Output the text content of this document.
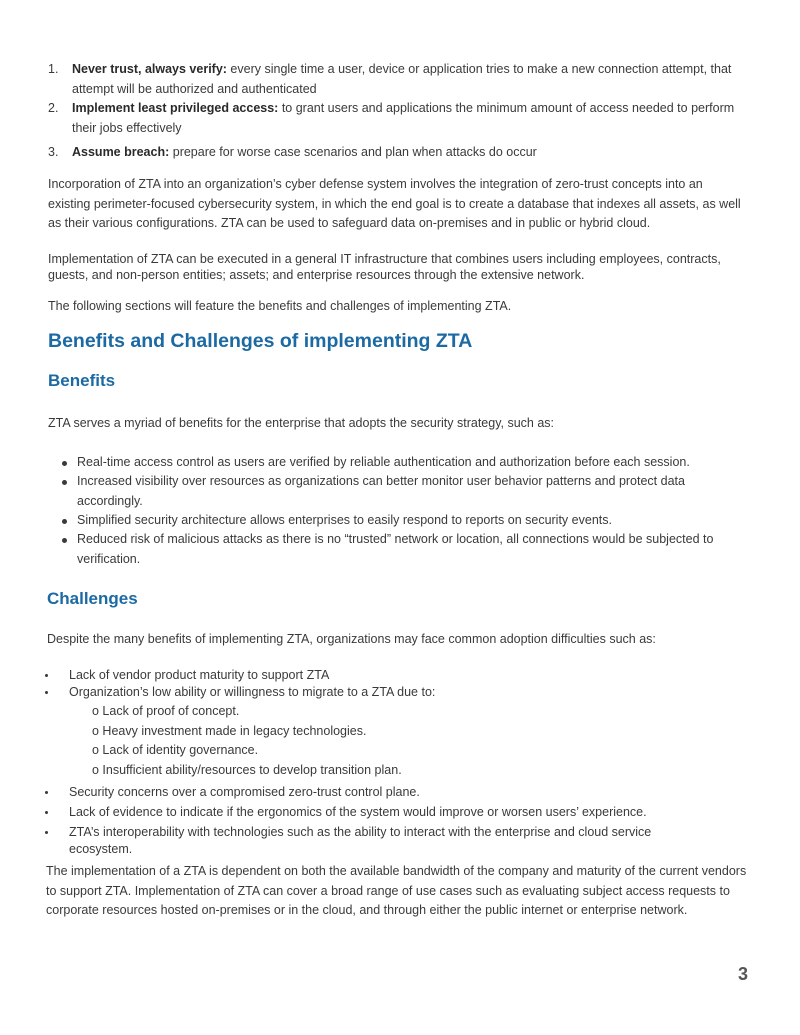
1.	Never trust, always verify: every single time a user, device or application tries to make a new connection attempt, that attempt will be authorized and authenticated
2.	Implement least privileged access: to grant users and applications the minimum amount of access needed to perform their jobs effectively
3.	Assume breach: prepare for worse case scenarios and plan when attacks do occur

Incorporation of ZTA into an organization’s cyber defense system involves the integration of zero-trust concepts into an existing perimeter-focused cybersecurity system, in which the end goal is to create a database that indexes all assets, as well as their various configurations. ZTA can be used to safeguard data on-premises and in public or hybrid cloud.

Implementation of ZTA can be executed in a general IT infrastructure that combines users including employees, contracts, guests, and non-person entities; assets; and enterprise resources through the extensive network.

The following sections will feature the benefits and challenges of implementing ZTA.

Benefits and Challenges of implementing ZTA
Benefits

ZTA serves a myriad of benefits for the enterprise that adopts the security strategy, such as:

Real-time access control as users are verified by reliable authentication and authorization before each session.
Increased visibility over resources as organizations can better monitor user behavior patterns and protect data accordingly.
Simplified security architecture allows enterprises to easily respond to reports on security events.
Reduced risk of malicious attacks as there is no “trusted” network or location, all connections would be subjected to verification.
Challenges

Despite the many benefits of implementing ZTA, organizations may face common adoption difficulties such as:

Lack of vendor product maturity to support ZTA
Organization’s low ability or willingness to migrate to a ZTA due to:
o Lack of proof of concept.
o Heavy investment made in legacy technologies.
o Lack of identity governance.
o Insufficient ability/resources to develop transition plan.
Security concerns over a compromised zero-trust control plane.
Lack of evidence to indicate if the ergonomics of the system would improve or worsen users’ experience.
ZTA’s interoperability with technologies such as the ability to interact with the enterprise and cloud service ecosystem.

The implementation of a ZTA is dependent on both the available bandwidth of the company and maturity of the current vendors to support ZTA. Implementation of ZTA can cover a broad range of use cases such as evaluating subject access requests to corporate resources hosted on-premises or in the cloud, and through either the public internet or enterprise network.

3
